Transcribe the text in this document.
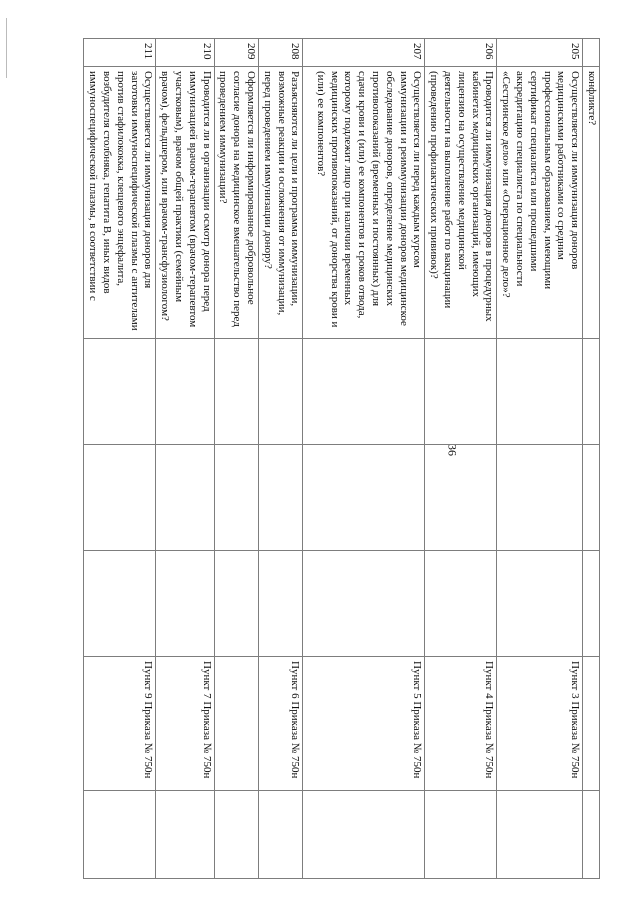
36
	конфликте?					
205	Осуществляется ли иммунизация доноров медицинскими работниками со средним профессиональным образованием, имеющими сертификат специалиста или прошедшими аккредитацию специалиста по специальности «Сестринское дело» или «Операционное дело»?				Пункт 3 Приказа № 750н	
206	Проводится ли иммунизация доноров в процедурных кабинетах медицинских организаций, имеющих лицензию на осуществление медицинской деятельности на выполнение работ по вакцинации (проведению профилактических прививок)?				Пункт 4 Приказа № 750н	
207	Осуществляется ли перед каждым курсом иммунизации и реиммунизации доноров медицинское обследование доноров, определение медицинских противопоказаний (временных и постоянных) для сдачи крови и (или) ее компонентов и сроков отвода, которому подлежит лицо при наличии временных медицинских противопоказаний, от донорства крови и (или) ее компонентов?				Пункт 5 Приказа № 750н	
208	Разъясняются ли цели и программа иммунизации, возможные реакции и осложнения от иммунизации, перед проведением иммунизации донору?				Пункт 6 Приказа № 750н	
209	Оформляется ли информированное добровольное согласие донора на медицинское вмешательство перед проведением иммунизации?					
210	Проводится ли в организации осмотр донора перед иммунизацией врачом-терапевтом (врачом-терапевтом участковым), врачом общей практики (семейным врачом), фельдшером, или врачом-трансфузиологом?				Пункт 7 Приказа № 750н	
211	Осуществляется ли иммунизация доноров для заготовки иммуноспецифической плазмы с антителами против стафилококка, клещевого энцефалита, возбудителя столбняка, гепатита В, иных видов иммуноспецифической плазмы, в соответствии с				Пункт 9 Приказа № 750н	
